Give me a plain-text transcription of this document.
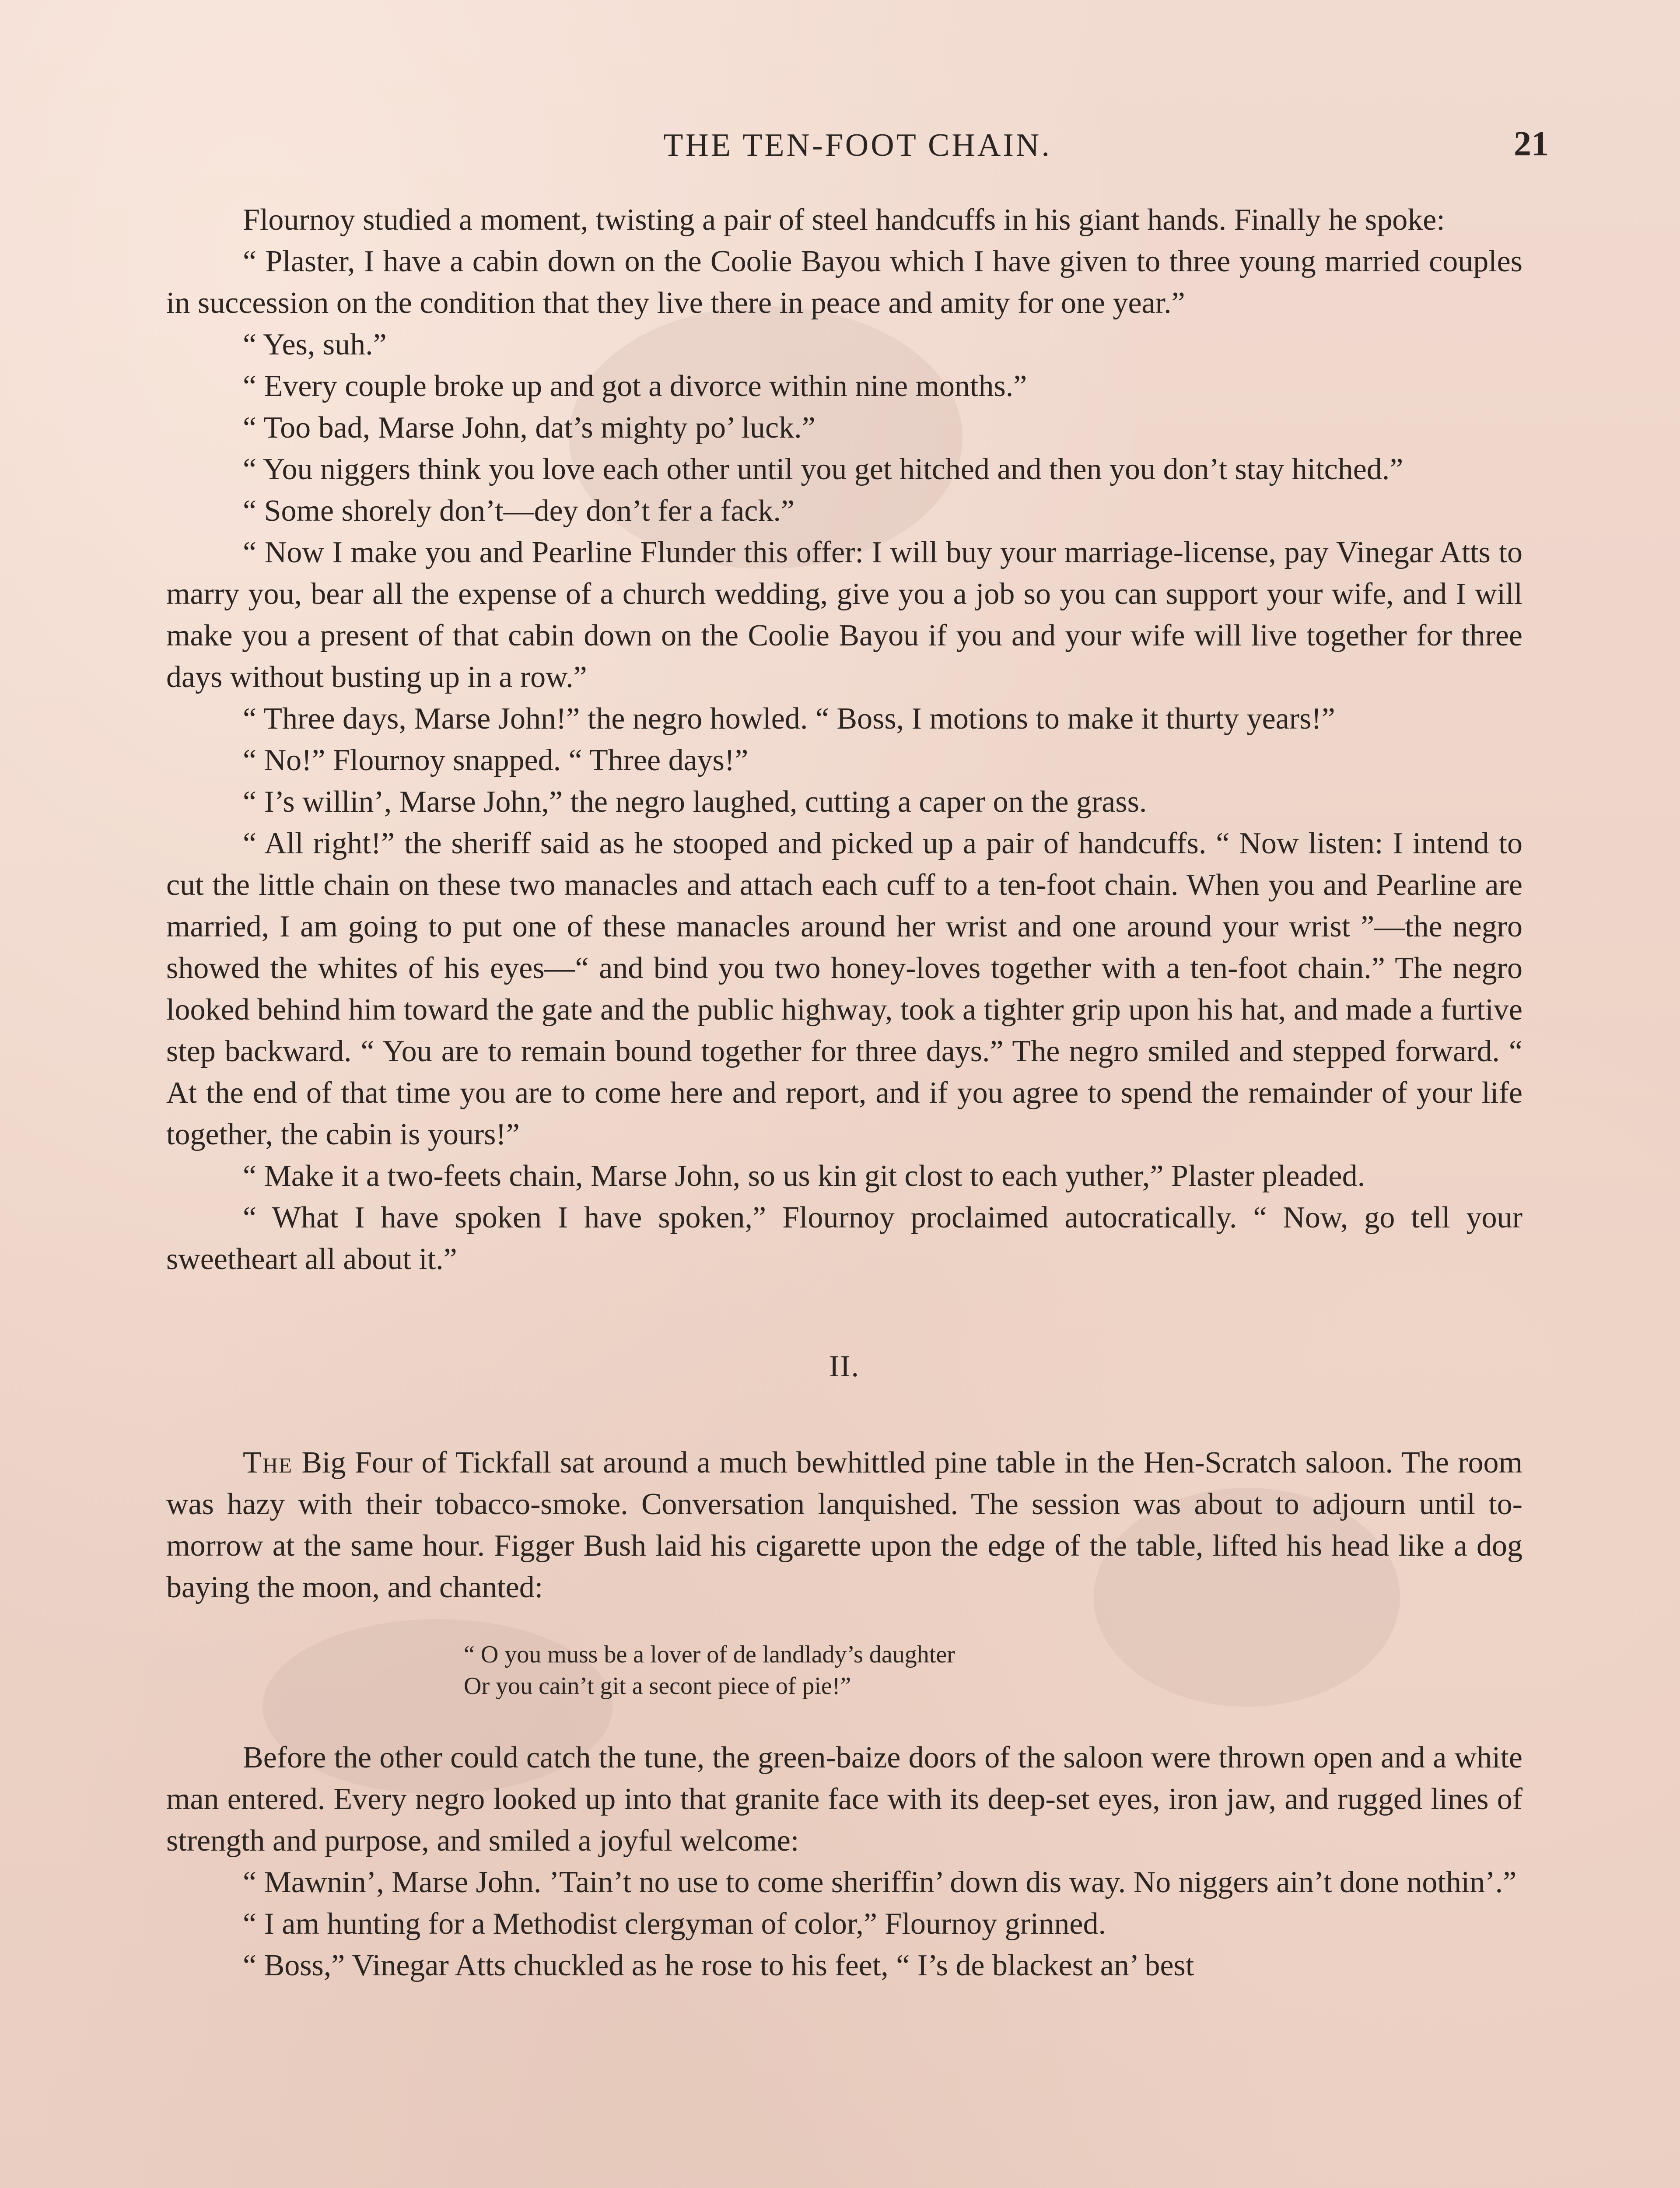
THE TEN-FOOT CHAIN.	21

Flournoy studied a moment, twisting a pair of steel handcuffs in his giant hands. Finally he spoke:

“ Plaster, I have a cabin down on the Coolie Bayou which I have given to three young married couples in succession on the condition that they live there in peace and amity for one year.”

“ Yes, suh.”

“ Every couple broke up and got a divorce within nine months.”

“ Too bad, Marse John, dat’s mighty po’ luck.”

“ You niggers think you love each other until you get hitched and then you don’t stay hitched.”

“ Some shorely don’t—dey don’t fer a fack.”

“ Now I make you and Pearline Flunder this offer: I will buy your marriage-license, pay Vinegar Atts to marry you, bear all the expense of a church wedding, give you a job so you can support your wife, and I will make you a present of that cabin down on the Coolie Bayou if you and your wife will live together for three days without busting up in a row.”

“ Three days, Marse John!” the negro howled. “ Boss, I motions to make it thurty years!”

“ No!” Flournoy snapped. “ Three days!”

“ I’s willin’, Marse John,” the negro laughed, cutting a caper on the grass.

“ All right!” the sheriff said as he stooped and picked up a pair of handcuffs. “ Now listen: I intend to cut the little chain on these two manacles and attach each cuff to a ten-foot chain. When you and Pearline are married, I am going to put one of these manacles around her wrist and one around your wrist ”—the negro showed the whites of his eyes—“ and bind you two honey-loves together with a ten-foot chain.” The negro looked behind him toward the gate and the public highway, took a tighter grip upon his hat, and made a furtive step backward. “ You are to remain bound together for three days.” The negro smiled and stepped forward. “ At the end of that time you are to come here and report, and if you agree to spend the remainder of your life together, the cabin is yours!”

“ Make it a two-feets chain, Marse John, so us kin git clost to each yuther,” Plaster pleaded.

“ What I have spoken I have spoken,” Flournoy proclaimed autocratically. “ Now, go tell your sweetheart all about it.”

II.

The Big Four of Tickfall sat around a much bewhittled pine table in the Hen-Scratch saloon. The room was hazy with their tobacco-smoke. Conversation lanquished. The session was about to adjourn until to-morrow at the same hour. Figger Bush laid his cigarette upon the edge of the table, lifted his head like a dog baying the moon, and chanted:

“ O you muss be a lover of de landlady’s daughter
Or you cain’t git a secont piece of pie!”

Before the other could catch the tune, the green-baize doors of the saloon were thrown open and a white man entered. Every negro looked up into that granite face with its deep-set eyes, iron jaw, and rugged lines of strength and purpose, and smiled a joyful welcome:

“ Mawnin’, Marse John. ’Tain’t no use to come sheriffin’ down dis way. No niggers ain’t done nothin’.”

“ I am hunting for a Methodist clergyman of color,” Flournoy grinned.

“ Boss,” Vinegar Atts chuckled as he rose to his feet, “ I’s de blackest an’ best
